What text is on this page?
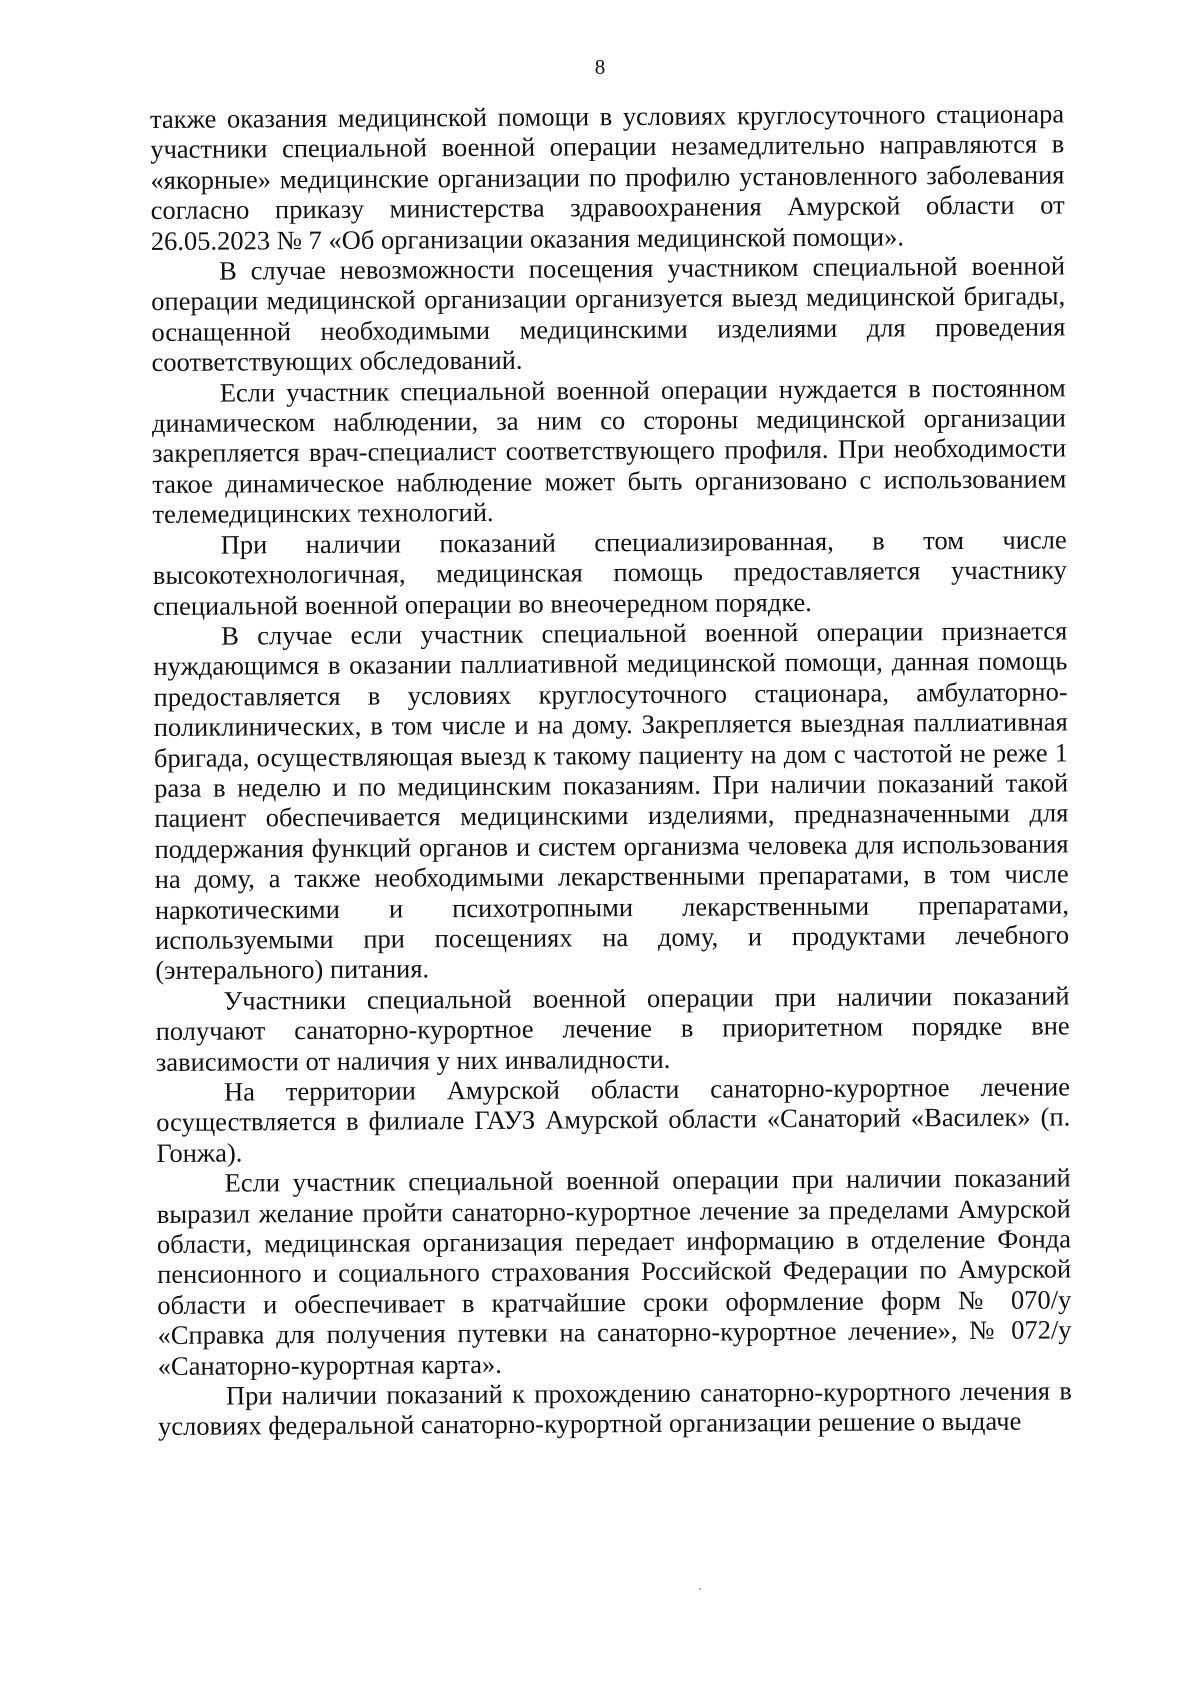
8

также оказания медицинской помощи в условиях круглосуточного стационара участники специальной военной операции незамедлительно направляются в «якорные» медицинские организации по профилю установленного заболевания согласно приказу министерства здравоохранения Амурской области от 26.05.2023 № 7 «Об организации оказания медицинской помощи».

В случае невозможности посещения участником специальной военной операции медицинской организации организуется выезд медицинской бригады, оснащенной необходимыми медицинскими изделиями для проведения соответствующих обследований.

Если участник специальной военной операции нуждается в постоянном динамическом наблюдении, за ним со стороны медицинской организации закрепляется врач-специалист соответствующего профиля. При необходимости такое динамическое наблюдение может быть организовано с использованием телемедицинских технологий.

При наличии показаний специализированная, в том числе высокотехнологичная, медицинская помощь предоставляется участнику специальной военной операции во внеочередном порядке.

В случае если участник специальной военной операции признается нуждающимся в оказании паллиативной медицинской помощи, данная помощь предоставляется в условиях круглосуточного стационара, амбулаторно-поликлинических, в том числе и на дому. Закрепляется выездная паллиативная бригада, осуществляющая выезд к такому пациенту на дом с частотой не реже 1 раза в неделю и по медицинским показаниям. При наличии показаний такой пациент обеспечивается медицинскими изделиями, предназначенными для поддержания функций органов и систем организма человека для использования на дому, а также необходимыми лекарственными препаратами, в том числе наркотическими и психотропными лекарственными препаратами, используемыми при посещениях на дому, и продуктами лечебного (энтерального) питания.

Участники специальной военной операции при наличии показаний получают санаторно-курортное лечение в приоритетном порядке вне зависимости от наличия у них инвалидности.

На территории Амурской области санаторно-курортное лечение осуществляется в филиале ГАУЗ Амурской области «Санаторий «Василек» (п. Гонжа).

Если участник специальной военной операции при наличии показаний выразил желание пройти санаторно-курортное лечение за пределами Амурской области, медицинская организация передает информацию в отделение Фонда пенсионного и социального страхования Российской Федерации по Амурской области и обеспечивает в кратчайшие сроки оформление форм № 070/у «Справка для получения путевки на санаторно-курортное лечение», № 072/у «Санаторно-курортная карта».

При наличии показаний к прохождению санаторно-курортного лечения в условиях федеральной санаторно-курортной организации решение о выдаче
